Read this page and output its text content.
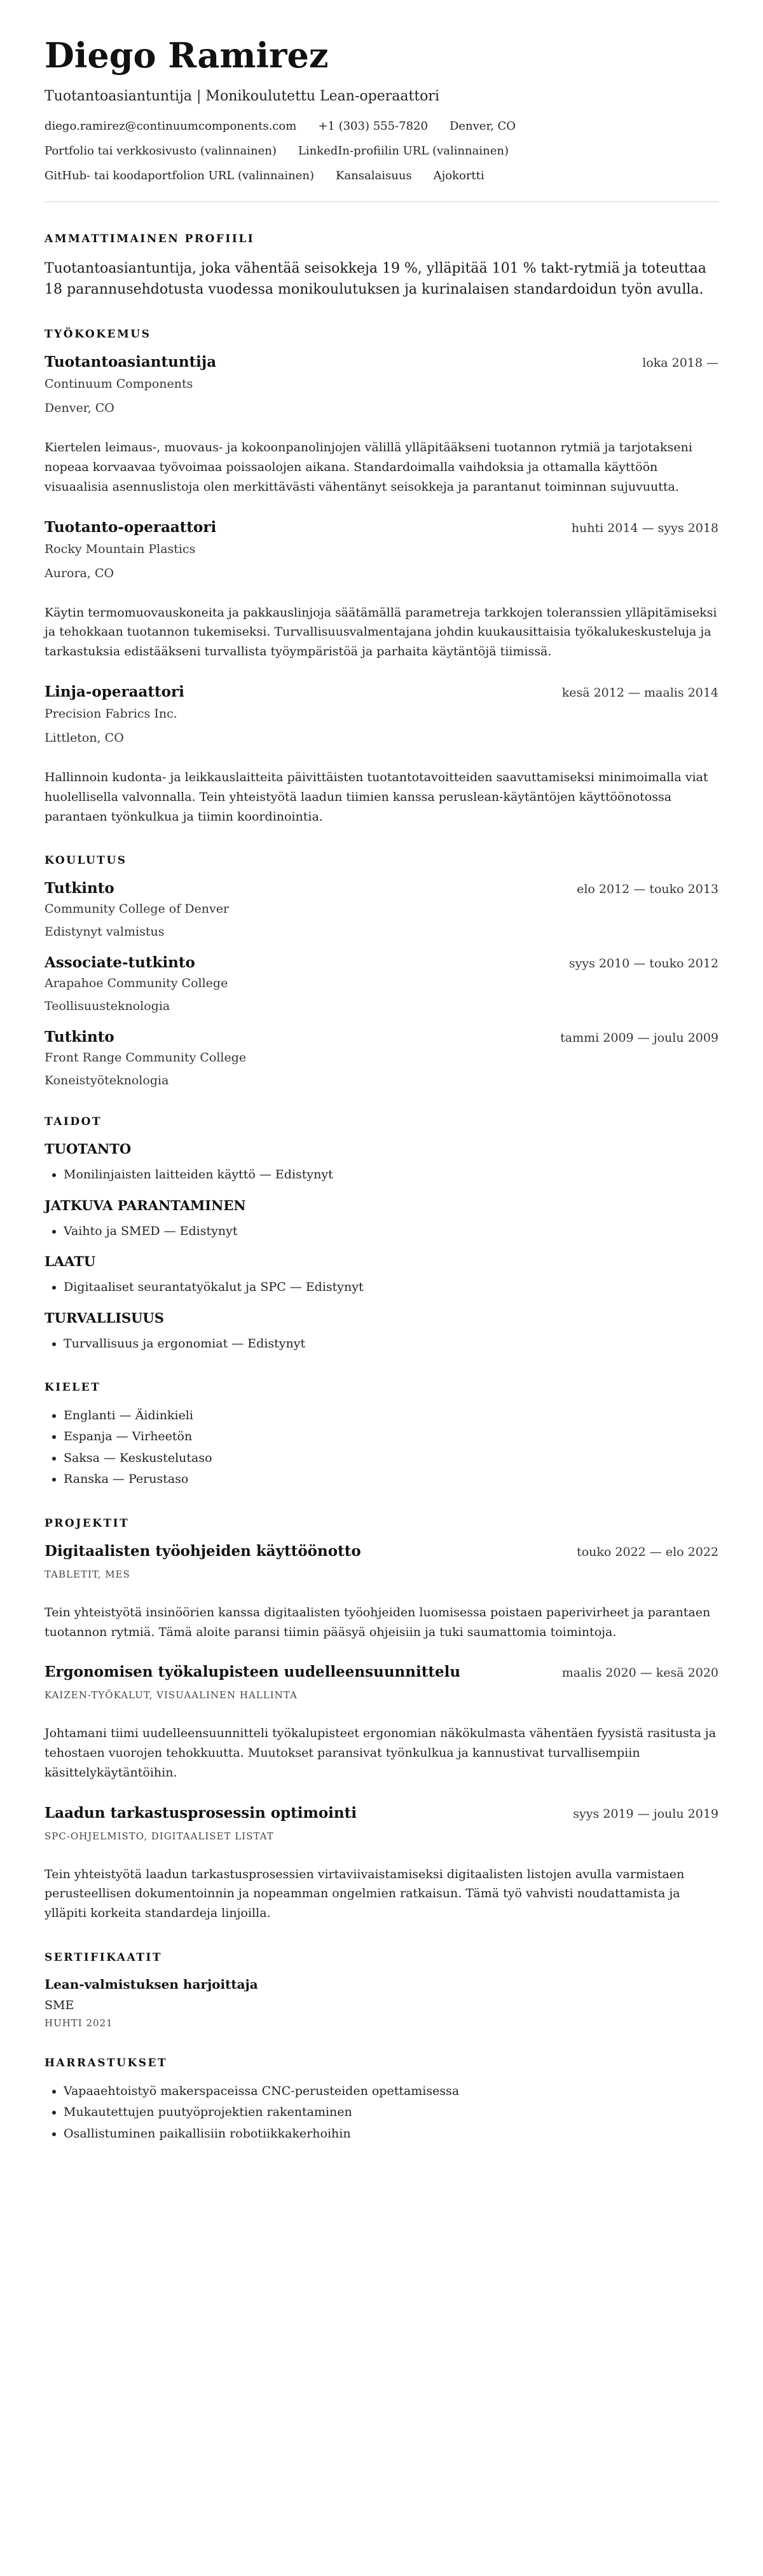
Diego Ramirez
Tuotantoasiantuntija | Monikoulutettu Lean-operaattori
diego.ramirez@continuumcomponents.com +1 (303) 555-7820 Denver, CO
Portfolio tai verkkosivusto (valinnainen) LinkedIn-profiilin URL (valinnainen)
GitHub- tai koodaportfolion URL (valinnainen) Kansalaisuus Ajokortti
AMMATTIMAINEN PROFIILI

Tuotantoasiantuntija, joka vähentää seisokkeja 19 %, ylläpitää 101 % takt-rytmiä ja toteuttaa 18 parannusehdotusta vuodessa monikoulutuksen ja kurinalaisen standardoidun työn avulla.

TYÖKOKEMUS
Tuotantoasiantuntija	loka 2018 —
Continuum Components
Denver, CO

Kiertelen leimaus-, muovaus- ja kokoonpanolinjojen välillä ylläpitääkseni tuotannon rytmiä ja tarjotakseni nopeaa korvaavaa työvoimaa poissaolojen aikana. Standardoimalla vaihdoksia ja ottamalla käyttöön visuaalisia asennuslistoja olen merkittävästi vähentänyt seisokkeja ja parantanut toiminnan sujuvuutta.

Tuotanto-operaattori	huhti 2014 — syys 2018
Rocky Mountain Plastics
Aurora, CO

Käytin termomuovauskoneita ja pakkauslinjoja säätämällä parametreja tarkkojen toleranssien ylläpitämiseksi ja tehokkaan tuotannon tukemiseksi. Turvallisuusvalmentajana johdin kuukausittaisia työkalukeskusteluja ja tarkastuksia edistääkseni turvallista työympäristöä ja parhaita käytäntöjä tiimissä.

Linja-operaattori	kesä 2012 — maalis 2014
Precision Fabrics Inc.
Littleton, CO

Hallinnoin kudonta- ja leikkauslaitteita päivittäisten tuotantotavoitteiden saavuttamiseksi minimoimalla viat huolellisella valvonnalla. Tein yhteistyötä laadun tiimien kanssa peruslean-käytäntöjen käyttöönotossa parantaen työnkulkua ja tiimin koordinointia.

KOULUTUS
Tutkinto	elo 2012 — touko 2013
Community College of Denver
Edistynyt valmistus
Associate-tutkinto	syys 2010 — touko 2012
Arapahoe Community College
Teollisuusteknologia
Tutkinto	tammi 2009 — joulu 2009
Front Range Community College
Koneistyöteknologia
TAIDOT
TUOTANTO
• Monilinjaisten laitteiden käyttö — Edistynyt
JATKUVA PARANTAMINEN
• Vaihto ja SMED — Edistynyt
LAATU
• Digitaaliset seurantatyökalut ja SPC — Edistynyt
TURVALLISUUS
• Turvallisuus ja ergonomiat — Edistynyt
KIELET
• Englanti — Äidinkieli
• Espanja — Virheetön
• Saksa — Keskustelutaso
• Ranska — Perustaso
PROJEKTIT
Digitaalisten työohjeiden käyttöönotto	touko 2022 — elo 2022
TABLETIT, MES

Tein yhteistyötä insinöörien kanssa digitaalisten työohjeiden luomisessa poistaen paperivirheet ja parantaen tuotannon rytmiä. Tämä aloite paransi tiimin pääsyä ohjeisiin ja tuki saumattomia toimintoja.

Ergonomisen työkalupisteen uudelleensuunnittelu	maalis 2020 — kesä 2020
KAIZEN-TYÖKALUT, VISUAALINEN HALLINTA

Johtamani tiimi uudelleensuunnitteli työkalupisteet ergonomian näkökulmasta vähentäen fyysistä rasitusta ja tehostaen vuorojen tehokkuutta. Muutokset paransivat työnkulkua ja kannustivat turvallisempiin käsittelykäytäntöihin.

Laadun tarkastusprosessin optimointi	syys 2019 — joulu 2019
SPC-OHJELMISTO, DIGITAALISET LISTAT

Tein yhteistyötä laadun tarkastusprosessien virtaviivaistamiseksi digitaalisten listojen avulla varmistaen perusteellisen dokumentoinnin ja nopeamman ongelmien ratkaisun. Tämä työ vahvisti noudattamista ja ylläpiti korkeita standardeja linjoilla.

SERTIFIKAATIT
Lean-valmistuksen harjoittaja
SME
HUHTI 2021
HARRASTUKSET
• Vapaaehtoistyö makerspaceissa CNC-perusteiden opettamisessa
• Mukautettujen puutyöprojektien rakentaminen
• Osallistuminen paikallisiin robotiikkakerhoihin
